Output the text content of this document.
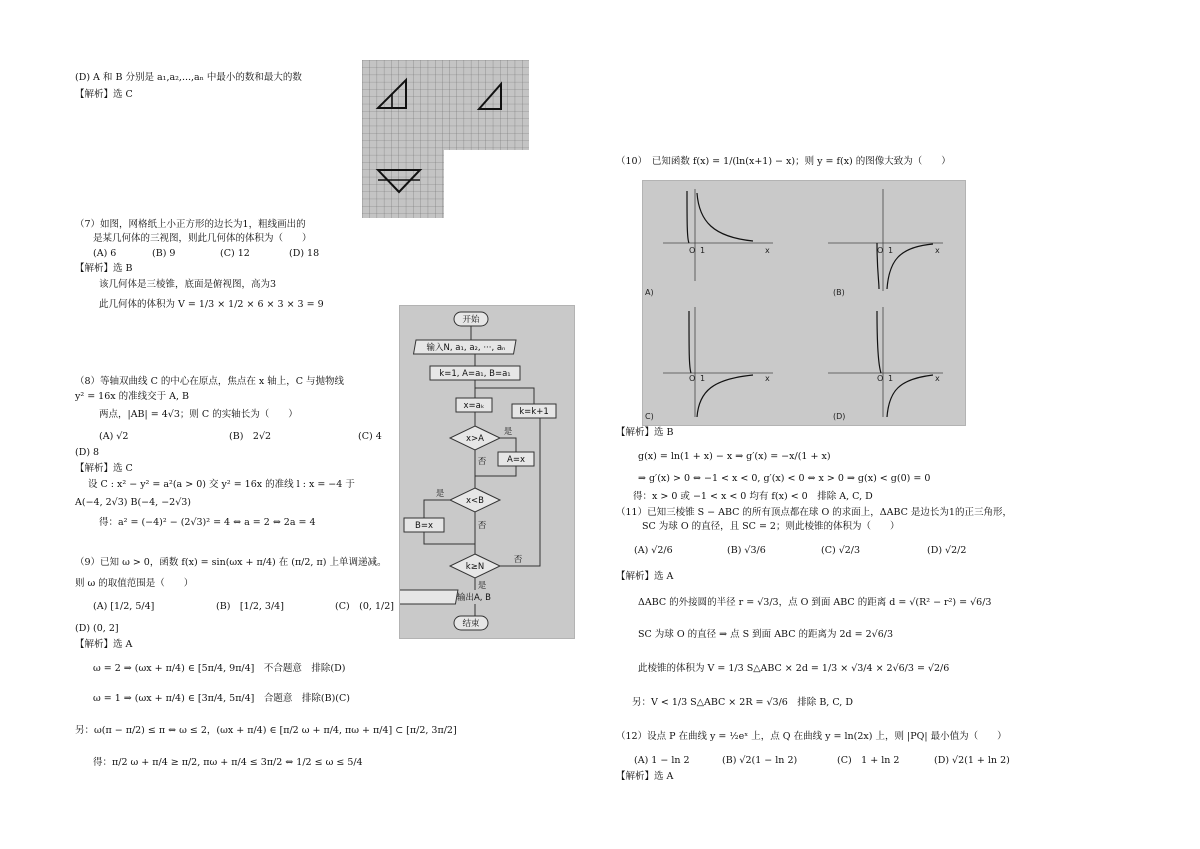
(D) A 和 B 分别是 a₁,a₂,...,aₙ 中最小的数和最大的数
【解析】选 C
（7）如图，网格纸上小正方形的边长为1，粗线画出的
是某几何体的三视图，则此几何体的体积为（　　）
(A) 6	(B) 9	(C) 12	(D) 18
【解析】选 B
该几何体是三棱锥，底面是俯视图，高为3
此几何体的体积为 V = 1/3 × 1/2 × 6 × 3 × 3 = 9
（8）等轴双曲线 C 的中心在原点，焦点在 x 轴上，C 与抛物线
y² = 16x 的准线交于 A, B
两点，|AB| = 4√3；则 C 的实轴长为（　　）
(A) √2	(B)　2√2	(C) 4
(D) 8
【解析】选 C
设 C : x² − y² = a²(a > 0) 交 y² = 16x 的准线 l : x = −4 于
A(−4, 2√3) B(−4, −2√3)
得：a² = (−4)² − (2√3)² = 4 ⇔ a = 2 ⇔ 2a = 4
（9）已知 ω > 0，函数 f(x) = sin(ωx + π/4) 在 (π/2, π) 上单调递减。
则 ω 的取值范围是（　　）
(A) [1/2, 5/4]	(B)　[1/2, 3/4]	(C)　(0, 1/2]
(D) (0, 2]
【解析】选 A
ω = 2 ⇒ (ωx + π/4) ∈ [5π/4, 9π/4]　不合题意　排除(D)
ω = 1 ⇒ (ωx + π/4) ∈ [3π/4, 5π/4]　合题意　排除(B)(C)
另：ω(π − π/2) ≤ π ⇔ ω ≤ 2，(ωx + π/4) ∈ [π/2 ω + π/4, πω + π/4] ⊂ [π/2, 3π/2]
得：π/2 ω + π/4 ≥ π/2, πω + π/4 ≤ 3π/2 ⇔ 1/2 ≤ ω ≤ 5/4
开始
输入N, a₁, a₂, ···, aₙ
k=1, A=a₁, B=a₁
x=aₖ
k=k+1
x>A
A=x
x<B
B=x
k≥N
输出A, B
结束
是
否
是
否
是
否
（10）　已知函数 f(x) = 1/(ln(x+1) − x)；则 y = f(x) 的图像大致为（　　）
A)	(B)
C)	(D)
O 1	x	O 1	x
O 1	x	O 1	x
【解析】选 B
g(x) = ln(1 + x) − x ⇒ g′(x) = −x/(1 + x)
⇒ g′(x) > 0 ⇔ −1 < x < 0, g′(x) < 0 ⇔ x > 0 ⇒ g(x) < g(0) = 0
得：x > 0 或 −1 < x < 0 均有 f(x) < 0　排除 A, C, D
（11）已知三棱锥 S − ABC 的所有顶点都在球 O 的求面上，ΔABC 是边长为1的正三角形，
SC 为球 O 的直径，且 SC = 2；则此棱锥的体积为（　　）
(A) √2/6	(B) √3/6	(C) √2/3	(D) √2/2
【解析】选 A
ΔABC 的外接圆的半径 r = √3/3，点 O 到面 ABC 的距离 d = √(R² − r²) = √6/3
SC 为球 O 的直径 ⇒ 点 S 到面 ABC 的距离为 2d = 2√6/3
此棱锥的体积为 V = 1/3 S△ABC × 2d = 1/3 × √3/4 × 2√6/3 = √2/6
另：V < 1/3 S△ABC × 2R = √3/6　排除 B, C, D
（12）设点 P 在曲线 y = ½eˣ 上，点 Q 在曲线 y = ln(2x) 上，则 |PQ| 最小值为（　　）
(A) 1 − ln 2	(B) √2(1 − ln 2)	(C)　1 + ln 2	(D) √2(1 + ln 2)
【解析】选 A
